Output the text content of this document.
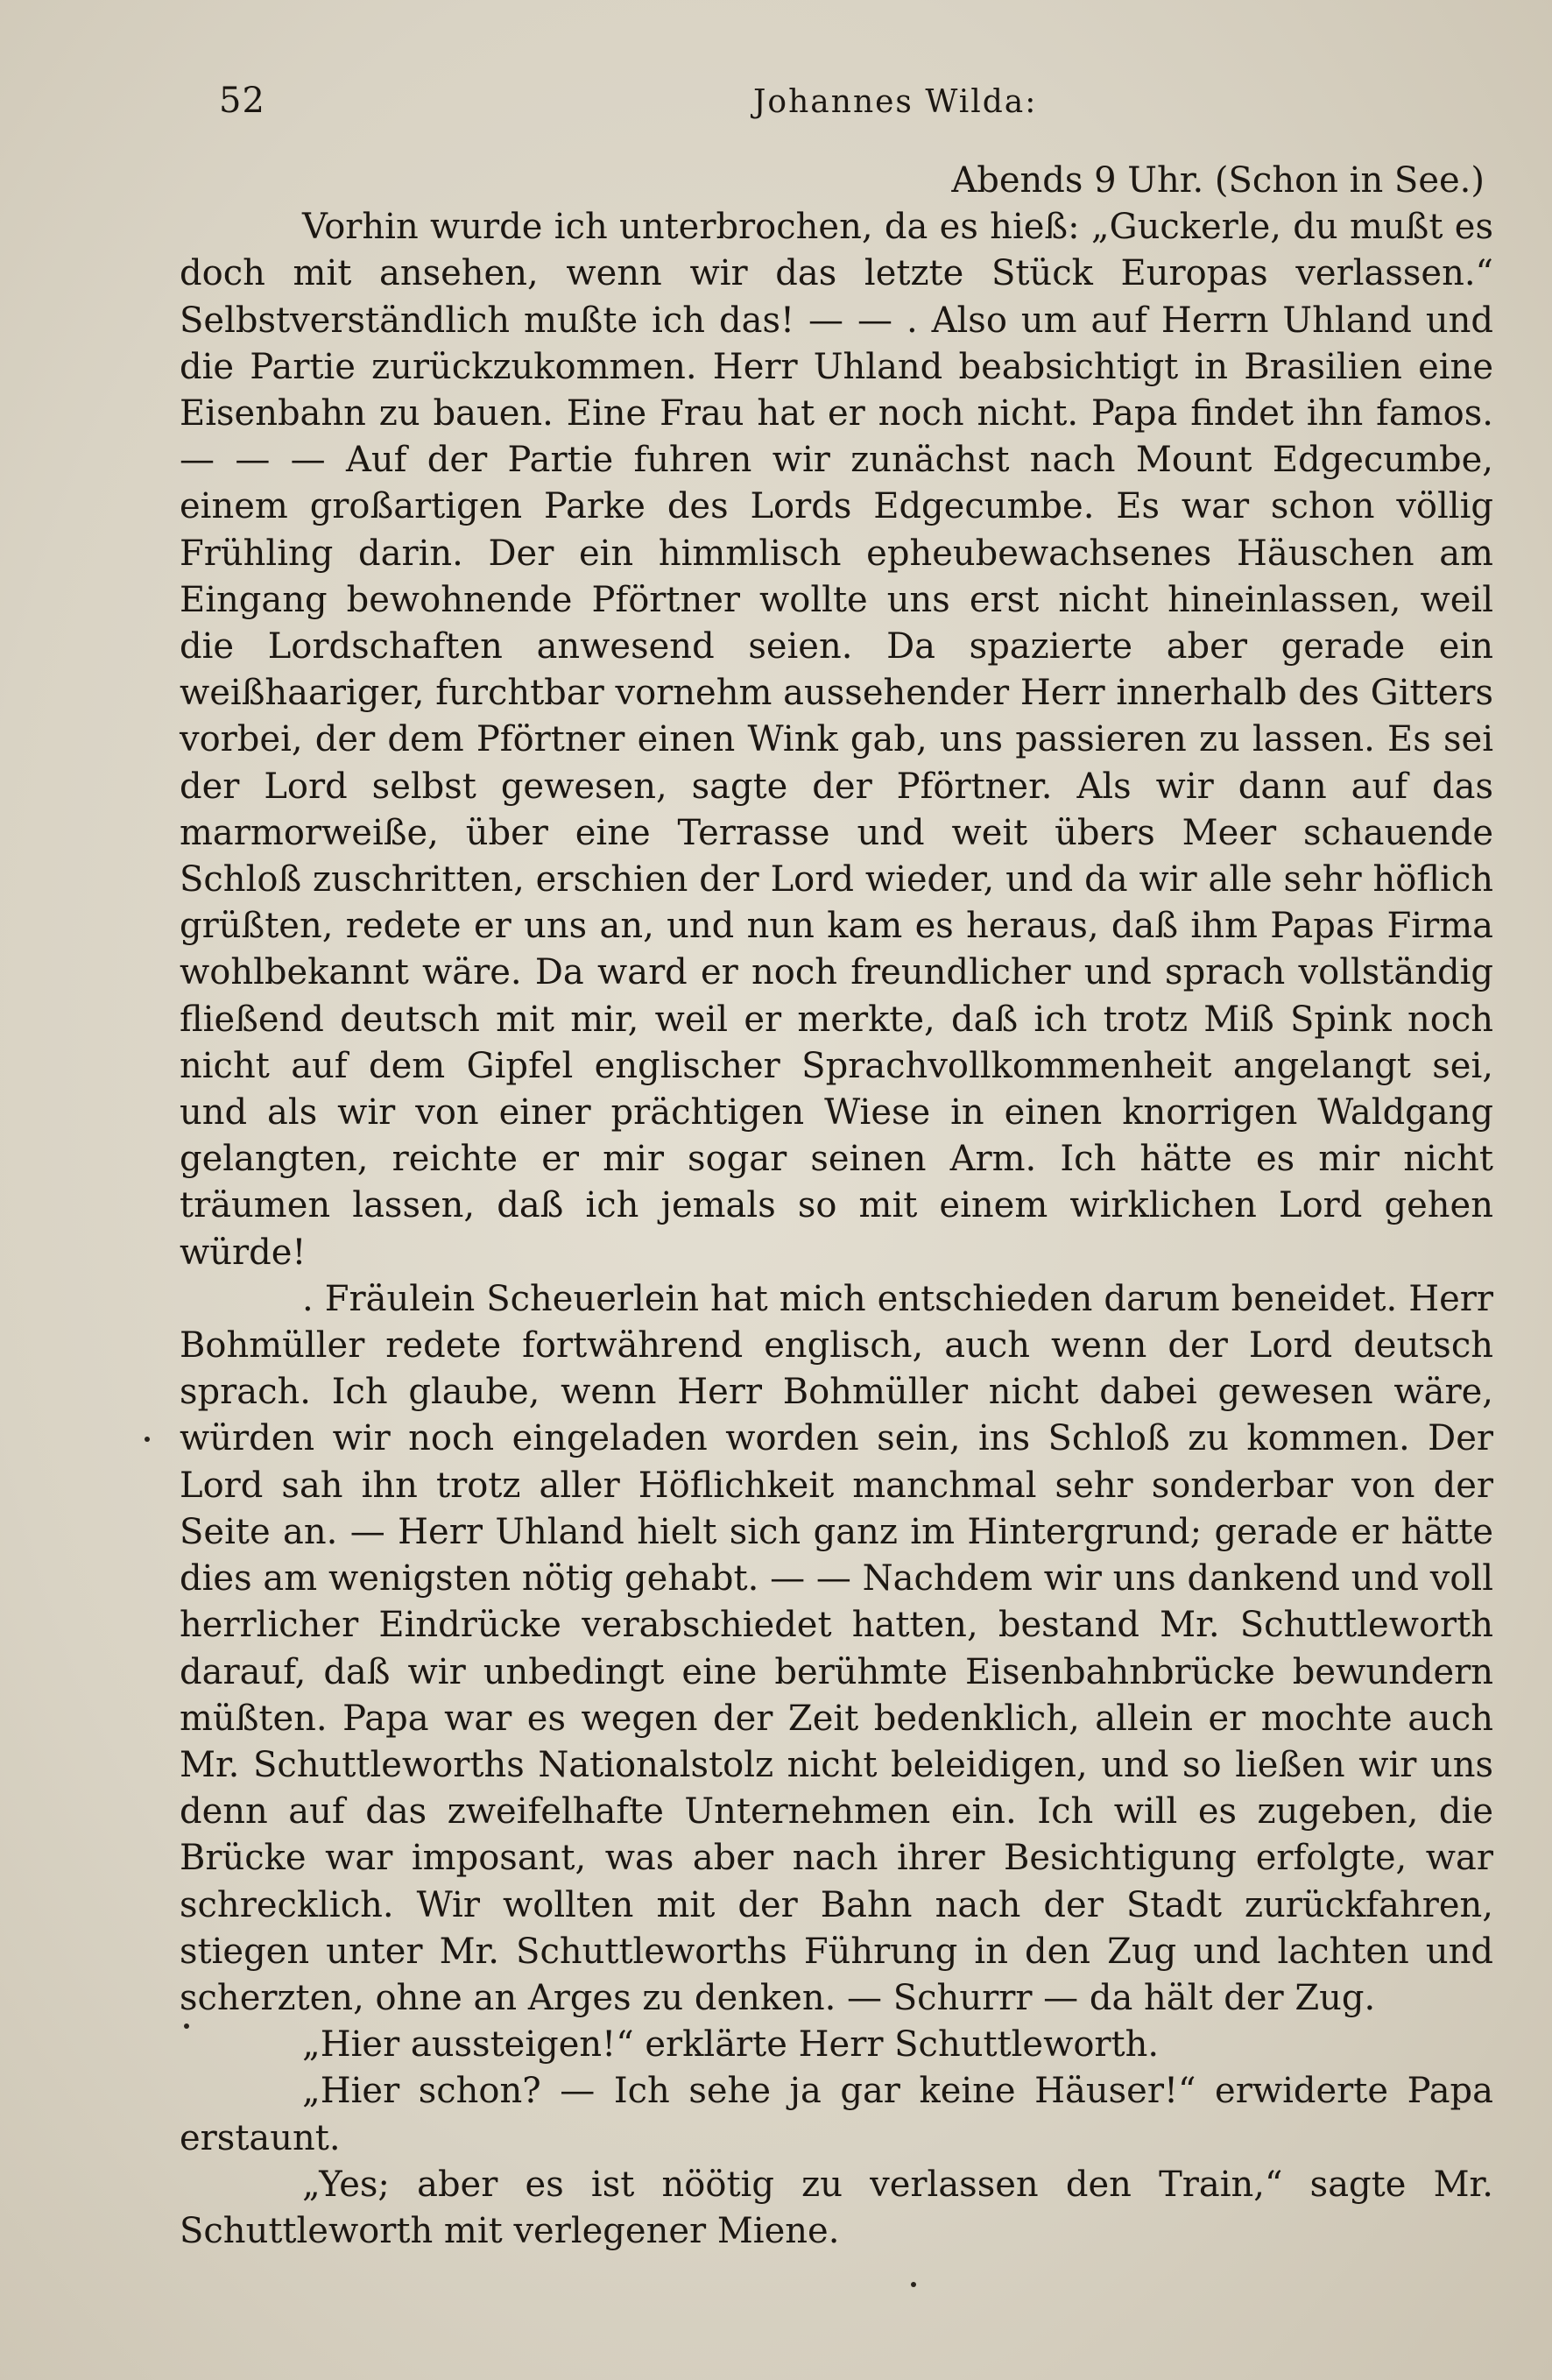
52	Johannes Wilda:
Abends 9 Uhr. (Schon in See.)

Vorhin wurde ich unterbrochen, da es hieß: „Guckerle, du mußt es doch mit ansehen, wenn wir das letzte Stück Europas verlassen.“ Selbstverständlich mußte ich das! — — . Also um auf Herrn Uhland und die Partie zurückzukommen. Herr Uhland beabsichtigt in Brasilien eine Eisenbahn zu bauen. Eine Frau hat er noch nicht. Papa findet ihn famos. — — — Auf der Partie fuhren wir zunächst nach Mount Edgecumbe, einem großartigen Parke des Lords Edgecumbe. Es war schon völlig Frühling darin. Der ein himmlisch epheubewachsenes Häuschen am Eingang bewohnende Pförtner wollte uns erst nicht hineinlassen, weil die Lordschaften anwesend seien. Da spazierte aber gerade ein weißhaariger, furchtbar vornehm aussehender Herr innerhalb des Gitters vorbei, der dem Pförtner einen Wink gab, uns passieren zu lassen. Es sei der Lord selbst gewesen, sagte der Pförtner. Als wir dann auf das marmorweiße, über eine Terrasse und weit übers Meer schauende Schloß zuschritten, erschien der Lord wieder, und da wir alle sehr höflich grüßten, redete er uns an, und nun kam es heraus, daß ihm Papas Firma wohlbekannt wäre. Da ward er noch freundlicher und sprach vollständig fließend deutsch mit mir, weil er merkte, daß ich trotz Miß Spink noch nicht auf dem Gipfel englischer Sprachvollkommenheit angelangt sei, und als wir von einer prächtigen Wiese in einen knorrigen Waldgang gelangten, reichte er mir sogar seinen Arm. Ich hätte es mir nicht träumen lassen, daß ich jemals so mit einem wirklichen Lord gehen würde!

. Fräulein Scheuerlein hat mich entschieden darum beneidet. Herr Bohmüller redete fortwährend englisch, auch wenn der Lord deutsch sprach. Ich glaube, wenn Herr Bohmüller nicht dabei gewesen wäre, würden wir noch eingeladen worden sein, ins Schloß zu kommen. Der Lord sah ihn trotz aller Höflichkeit manchmal sehr sonderbar von der Seite an. — Herr Uhland hielt sich ganz im Hintergrund; gerade er hätte dies am wenigsten nötig gehabt. — — Nachdem wir uns dankend und voll herrlicher Eindrücke verabschiedet hatten, bestand Mr. Schuttleworth darauf, daß wir unbedingt eine berühmte Eisenbahnbrücke bewundern müßten. Papa war es wegen der Zeit bedenklich, allein er mochte auch Mr. Schuttleworths Nationalstolz nicht beleidigen, und so ließen wir uns denn auf das zweifelhafte Unternehmen ein. Ich will es zugeben, die Brücke war imposant, was aber nach ihrer Besichtigung erfolgte, war schrecklich. Wir wollten mit der Bahn nach der Stadt zurückfahren, stiegen unter Mr. Schuttleworths Führung in den Zug und lachten und scherzten, ohne an Arges zu denken. — Schurrr — da hält der Zug.

„Hier aussteigen!“ erklärte Herr Schuttleworth.

„Hier schon? — Ich sehe ja gar keine Häuser!“ erwiderte Papa erstaunt.

„Yes; aber es ist nöötig zu verlassen den Train,“ sagte Mr. Schuttleworth mit verlegener Miene.
